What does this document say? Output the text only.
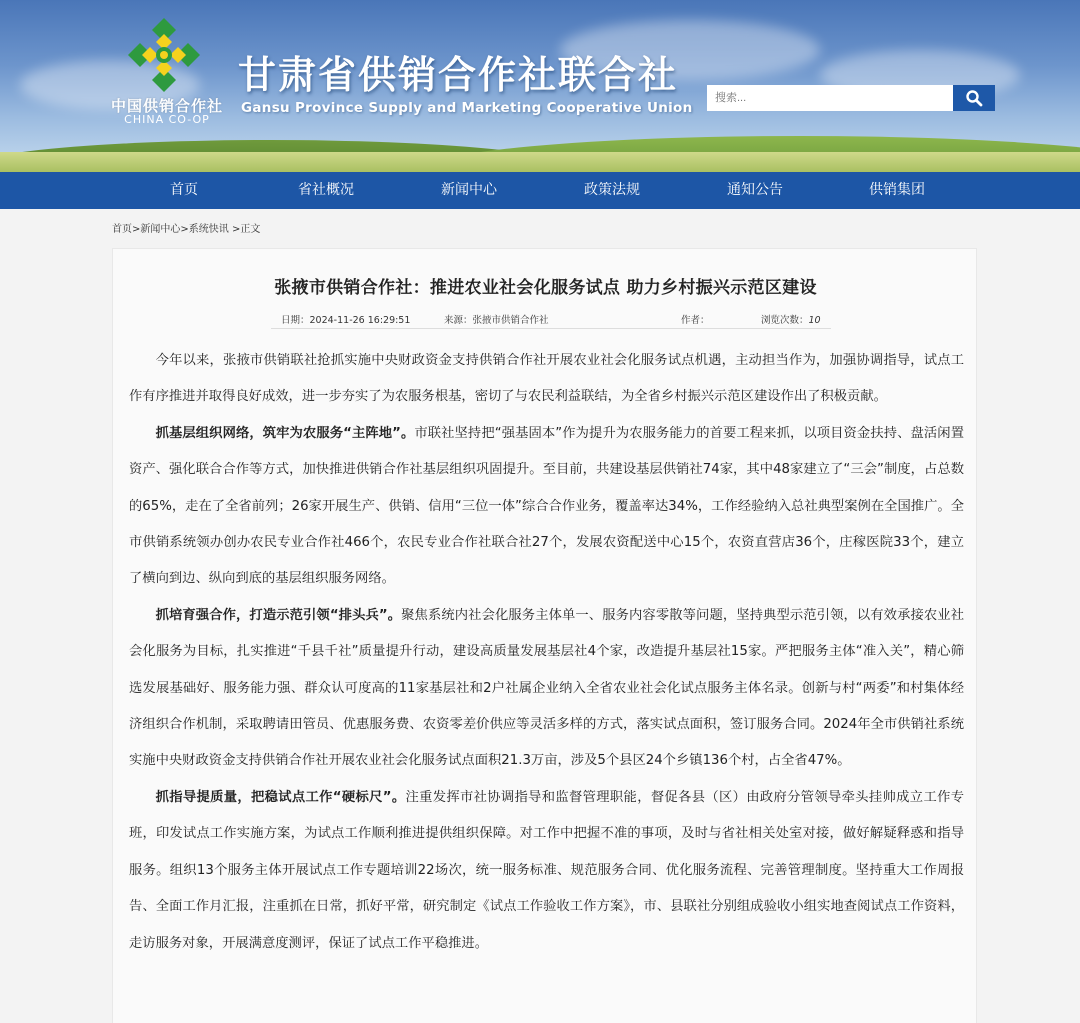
中国供销合作社
CHINA CO-OP
甘肃省供销合作社联合社
Gansu Province Supply and Marketing Cooperative Union
搜索...
首页	省社概况	新闻中心	政策法规	通知公告	供销集团
首页>新闻中心>系统快讯 >正文
张掖市供销合作社：推进农业社会化服务试点 助力乡村振兴示范区建设
日期：2024-11-26 16:29:51	来源：张掖市供销合作社	作者：	浏览次数：10

今年以来，张掖市供销联社抢抓实施中央财政资金支持供销合作社开展农业社会化服务试点机遇，主动担当作为，加强协调指导，试点工作有序推进并取得良好成效，进一步夯实了为农服务根基，密切了与农民利益联结，为全省乡村振兴示范区建设作出了积极贡献。

抓基层组织网络，筑牢为农服务“主阵地”。市联社坚持把“强基固本”作为提升为农服务能力的首要工程来抓，以项目资金扶持、盘活闲置资产、强化联合合作等方式，加快推进供销合作社基层组织巩固提升。至目前，共建设基层供销社74家，其中48家建立了“三会”制度，占总数的65%，走在了全省前列；26家开展生产、供销、信用“三位一体”综合合作业务，覆盖率达34%，工作经验纳入总社典型案例在全国推广。全市供销系统领办创办农民专业合作社466个，农民专业合作社联合社27个，发展农资配送中心15个，农资直营店36个，庄稼医院33个，建立了横向到边、纵向到底的基层组织服务网络。

抓培育强合作，打造示范引领“排头兵”。聚焦系统内社会化服务主体单一、服务内容零散等问题，坚持典型示范引领，以有效承接农业社会化服务为目标，扎实推进“千县千社”质量提升行动，建设高质量发展基层社4个家，改造提升基层社15家。严把服务主体“准入关”，精心筛选发展基础好、服务能力强、群众认可度高的11家基层社和2户社属企业纳入全省农业社会化试点服务主体名录。创新与村“两委”和村集体经济组织合作机制，采取聘请田管员、优惠服务费、农资零差价供应等灵活多样的方式，落实试点面积，签订服务合同。2024年全市供销社系统实施中央财政资金支持供销合作社开展农业社会化服务试点面积21.3万亩，涉及5个县区24个乡镇136个村，占全省47%。

抓指导提质量，把稳试点工作“硬标尺”。注重发挥市社协调指导和监督管理职能，督促各县（区）由政府分管领导牵头挂帅成立工作专班，印发试点工作实施方案，为试点工作顺利推进提供组织保障。对工作中把握不准的事项，及时与省社相关处室对接，做好解疑释惑和指导服务。组织13个服务主体开展试点工作专题培训22场次，统一服务标准、规范服务合同、优化服务流程、完善管理制度。坚持重大工作周报告、全面工作月汇报，注重抓在日常，抓好平常，研究制定《试点工作验收工作方案》，市、县联社分别组成验收小组实地查阅试点工作资料，走访服务对象，开展满意度测评，保证了试点工作平稳推进。
